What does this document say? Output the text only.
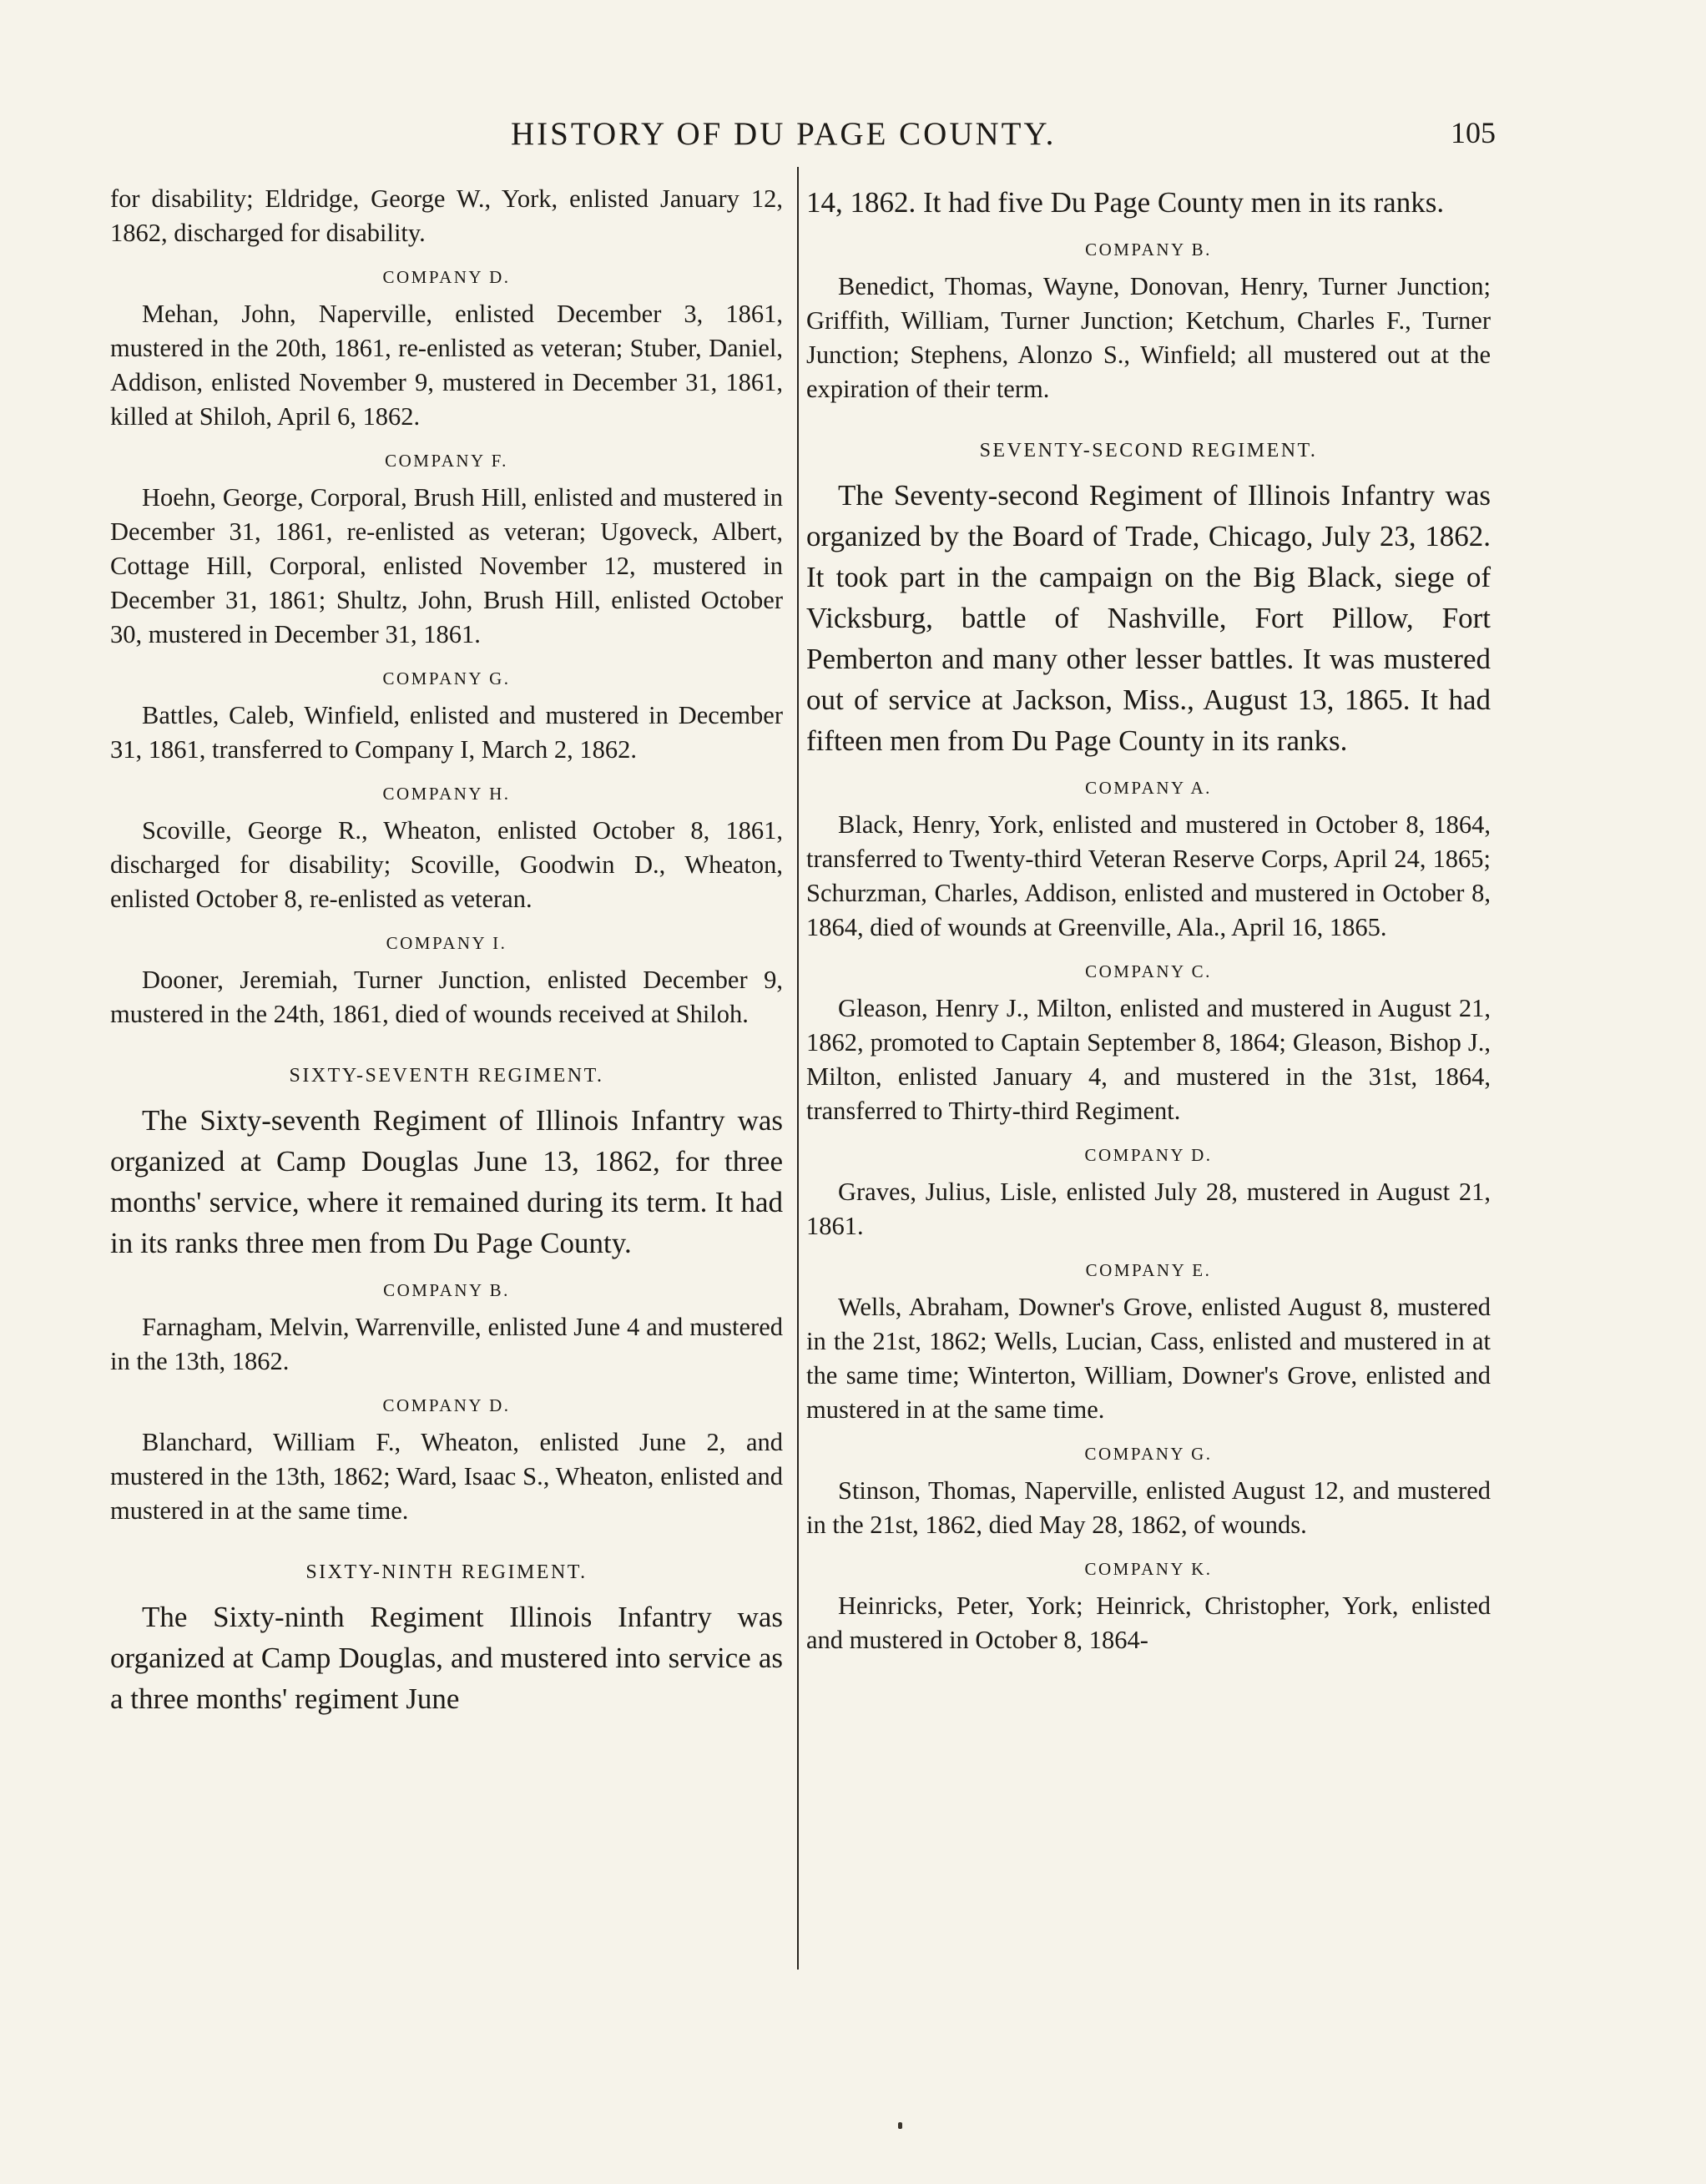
HISTORY OF DU PAGE COUNTY.	105

for disability; Eldridge, George W., York, enlisted January 12, 1862, discharged for disability.

COMPANY D.

Mehan, John, Naperville, enlisted December 3, 1861, mustered in the 20th, 1861, re-enlisted as veteran; Stuber, Daniel, Addison, enlisted November 9, mustered in December 31, 1861, killed at Shiloh, April 6, 1862.

COMPANY F.

Hoehn, George, Corporal, Brush Hill, enlisted and mustered in December 31, 1861, re-enlisted as veteran; Ugoveck, Albert, Cottage Hill, Corporal, enlisted November 12, mustered in December 31, 1861; Shultz, John, Brush Hill, enlisted October 30, mustered in December 31, 1861.

COMPANY G.

Battles, Caleb, Winfield, enlisted and mustered in December 31, 1861, transferred to Company I, March 2, 1862.

COMPANY H.

Scoville, George R., Wheaton, enlisted October 8, 1861, discharged for disability; Scoville, Goodwin D., Wheaton, enlisted October 8, re-enlisted as veteran.

COMPANY I.

Dooner, Jeremiah, Turner Junction, enlisted December 9, mustered in the 24th, 1861, died of wounds received at Shiloh.

SIXTY-SEVENTH REGIMENT.

The Sixty-seventh Regiment of Illinois Infantry was organized at Camp Douglas June 13, 1862, for three months' service, where it remained during its term. It had in its ranks three men from Du Page County.

COMPANY B.

Farnagham, Melvin, Warrenville, enlisted June 4 and mustered in the 13th, 1862.

COMPANY D.

Blanchard, William F., Wheaton, enlisted June 2, and mustered in the 13th, 1862; Ward, Isaac S., Wheaton, enlisted and mustered in at the same time.

SIXTY-NINTH REGIMENT.

The Sixty-ninth Regiment Illinois Infantry was organized at Camp Douglas, and mustered into service as a three months' regiment June

14, 1862. It had five Du Page County men in its ranks.

COMPANY B.

Benedict, Thomas, Wayne, Donovan, Henry, Turner Junction; Griffith, William, Turner Junction; Ketchum, Charles F., Turner Junction; Stephens, Alonzo S., Winfield; all mustered out at the expiration of their term.

SEVENTY-SECOND REGIMENT.

The Seventy-second Regiment of Illinois Infantry was organized by the Board of Trade, Chicago, July 23, 1862. It took part in the campaign on the Big Black, siege of Vicksburg, battle of Nashville, Fort Pillow, Fort Pemberton and many other lesser battles. It was mustered out of service at Jackson, Miss., August 13, 1865. It had fifteen men from Du Page County in its ranks.

COMPANY A.

Black, Henry, York, enlisted and mustered in October 8, 1864, transferred to Twenty-third Veteran Reserve Corps, April 24, 1865; Schurzman, Charles, Addison, enlisted and mustered in October 8, 1864, died of wounds at Greenville, Ala., April 16, 1865.

COMPANY C.

Gleason, Henry J., Milton, enlisted and mustered in August 21, 1862, promoted to Captain September 8, 1864; Gleason, Bishop J., Milton, enlisted January 4, and mustered in the 31st, 1864, transferred to Thirty-third Regiment.

COMPANY D.

Graves, Julius, Lisle, enlisted July 28, mustered in August 21, 1861.

COMPANY E.

Wells, Abraham, Downer's Grove, enlisted August 8, mustered in the 21st, 1862; Wells, Lucian, Cass, enlisted and mustered in at the same time; Winterton, William, Downer's Grove, enlisted and mustered in at the same time.

COMPANY G.

Stinson, Thomas, Naperville, enlisted August 12, and mustered in the 21st, 1862, died May 28, 1862, of wounds.

COMPANY K.

Heinricks, Peter, York; Heinrick, Christopher, York, enlisted and mustered in October 8, 1864-
